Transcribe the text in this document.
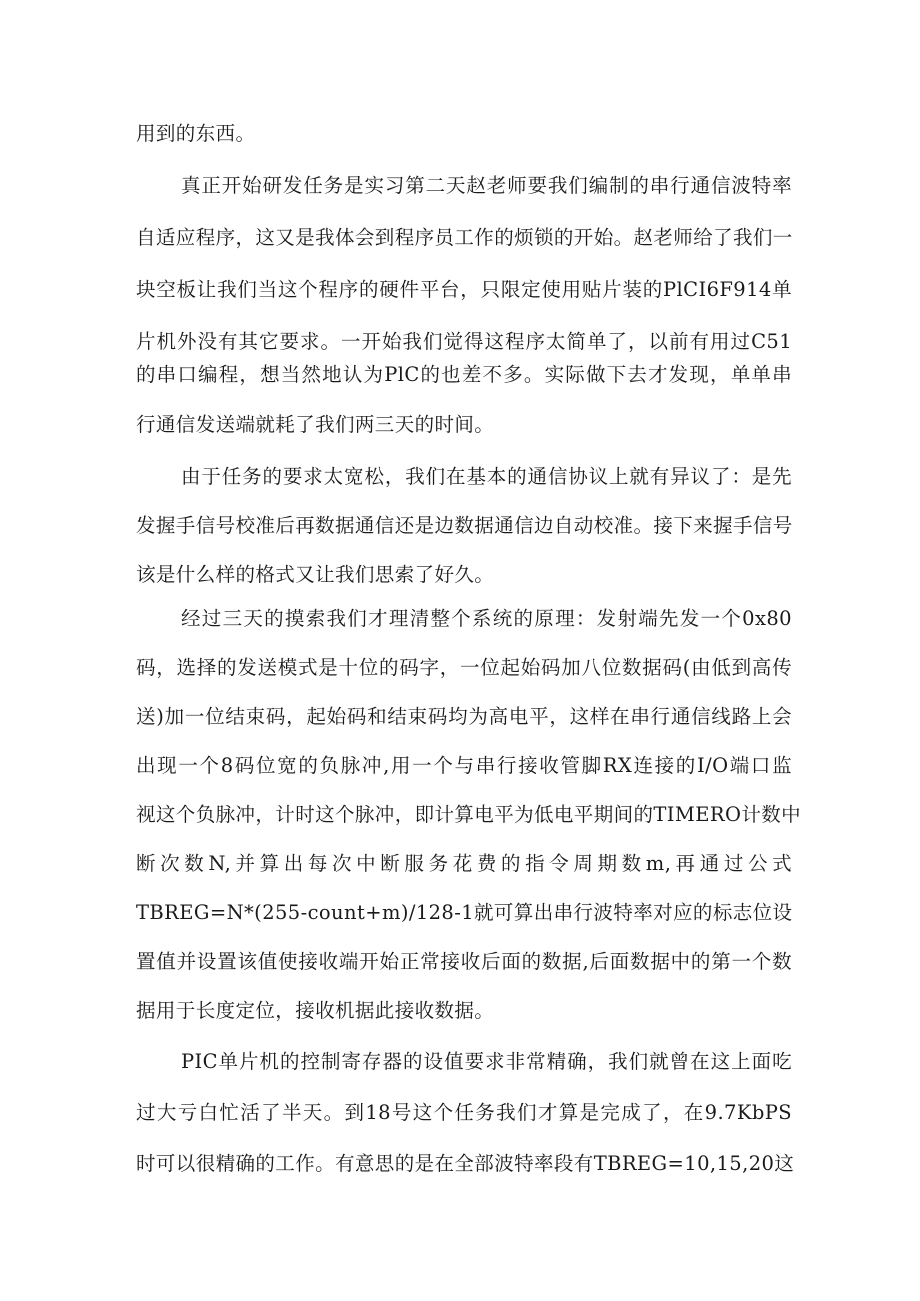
用到的东西。
真正开始研发任务是实习第二天赵老师要我们编制的串行通信波特率
自适应程序，这又是我体会到程序员工作的烦锁的开始。赵老师给了我们一
块空板让我们当这个程序的硬件平台，只限定使用贴片装的PlCI6F914单
片机外没有其它要求。一开始我们觉得这程序太简单了，以前有用过C51
的串口编程，想当然地认为PlC的也差不多。实际做下去才发现，单单串
行通信发送端就耗了我们两三天的时间。
由于任务的要求太宽松，我们在基本的通信协议上就有异议了：是先
发握手信号校准后再数据通信还是边数据通信边自动校准。接下来握手信号
该是什么样的格式又让我们思索了好久。
经过三天的摸索我们才理清整个系统的原理：发射端先发一个0x80
码，选择的发送模式是十位的码字，一位起始码加八位数据码(由低到高传
送)加一位结束码，起始码和结束码均为高电平，这样在串行通信线路上会
出现一个8码位宽的负脉冲,用一个与串行接收管脚RX连接的I/O端口监
视这个负脉冲，计时这个脉冲，即计算电平为低电平期间的TIMERO计数中
断次数N,并算出每次中断服务花费的指令周期数m,再通过公式
TBREG=N*(255-count+m)/128-1就可算出串行波特率对应的标志位设
置值并设置该值使接收端开始正常接收后面的数据,后面数据中的第一个数
据用于长度定位，接收机据此接收数据。
PIC单片机的控制寄存器的设值要求非常精确，我们就曾在这上面吃
过大亏白忙活了半天。到18号这个任务我们才算是完成了，在9.7KbPS
时可以很精确的工作。有意思的是在全部波特率段有TBREG=10,15,20这
